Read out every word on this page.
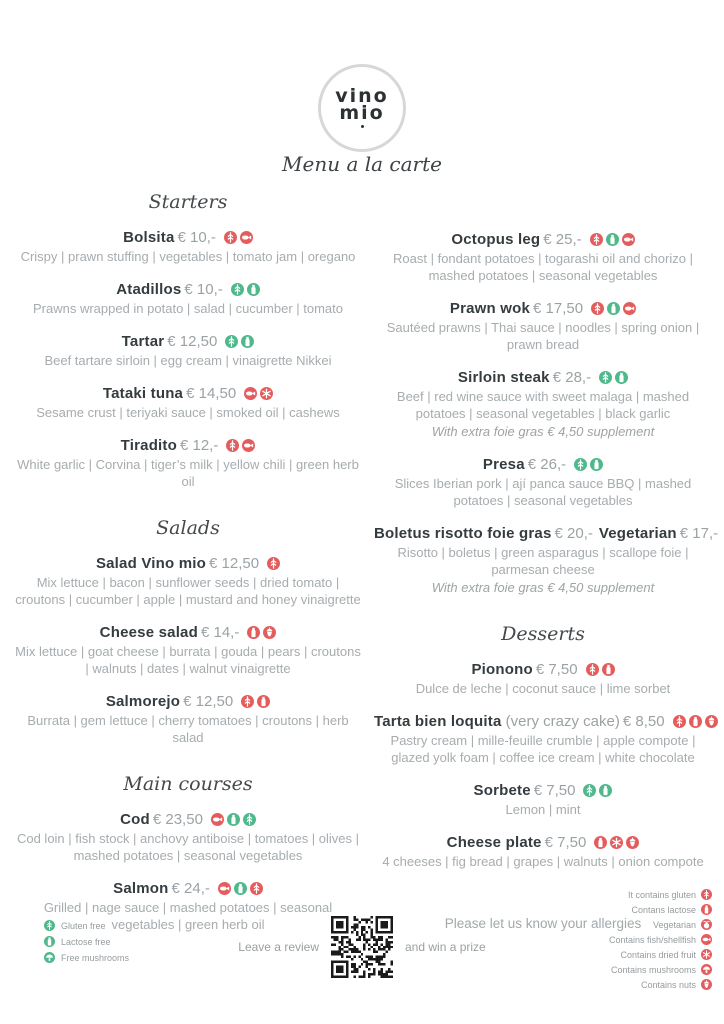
vino
mio
Menu a la carte
Starters
Bolsita € 10,-
Crispy | prawn stuffing | vegetables | tomato jam | oregano
Atadillos € 10,-
Prawns wrapped in potato | salad | cucumber | tomato
Tartar € 12,50
Beef tartare sirloin | egg cream | vinaigrette Nikkei
Tataki tuna € 14,50
Sesame crust | teriyaki sauce | smoked oil | cashews
Tiradito € 12,-
White garlic | Corvina | tiger’s milk | yellow chili | green herb oil
Salads
Salad Vino mio € 12,50
Mix lettuce | bacon | sunflower seeds | dried tomato | croutons | cucumber | apple | mustard and honey vinaigrette
Cheese salad € 14,-
Mix lettuce | goat cheese | burrata | gouda | pears | croutons | walnuts | dates | walnut vinaigrette
Salmorejo € 12,50
Burrata | gem lettuce | cherry tomatoes | croutons | herb salad
Main courses
Cod € 23,50
Cod loin | fish stock | anchovy antiboise | tomatoes | olives | mashed potatoes | seasonal vegetables
Salmon € 24,-
Grilled | nage sauce | mashed potatoes | seasonal vegetables | green herb oil
Octopus leg € 25,-
Roast | fondant potatoes | togarashi oil and chorizo | mashed potatoes | seasonal vegetables
Prawn wok € 17,50
Sautéed prawns | Thai sauce | noodles | spring onion | prawn bread
Sirloin steak € 28,-
Beef | red wine sauce with sweet malaga | mashed potatoes | seasonal vegetables | black garlic
With extra foie gras € 4,50 supplement
Presa € 26,-
Slices Iberian pork | ají panca sauce BBQ | mashed potatoes | seasonal vegetables
Boletus risotto foie gras € 20,- Vegetarian € 17,-
Risotto | boletus | green asparagus | scallope foie | parmesan cheese
With extra foie gras € 4,50 supplement
Desserts
Pionono € 7,50
Dulce de leche | coconut sauce | lime sorbet
Tarta bien loquita (very crazy cake) € 8,50
Pastry cream | mille-feuille crumble | apple compote | glazed yolk foam | coffee ice cream | white chocolate
Sorbete € 7,50
Lemon | mint
Cheese plate € 7,50
4 cheeses | fig bread | grapes | walnuts | onion compote
Please let us know your allergies
Gluten free
Lactose free
Free mushrooms
Leave a review	and win a prize
It contains gluten
Contans lactose
Vegetarian
Contains fish/shellfish
Contains dried fruit
Contains mushrooms
Contains nuts
